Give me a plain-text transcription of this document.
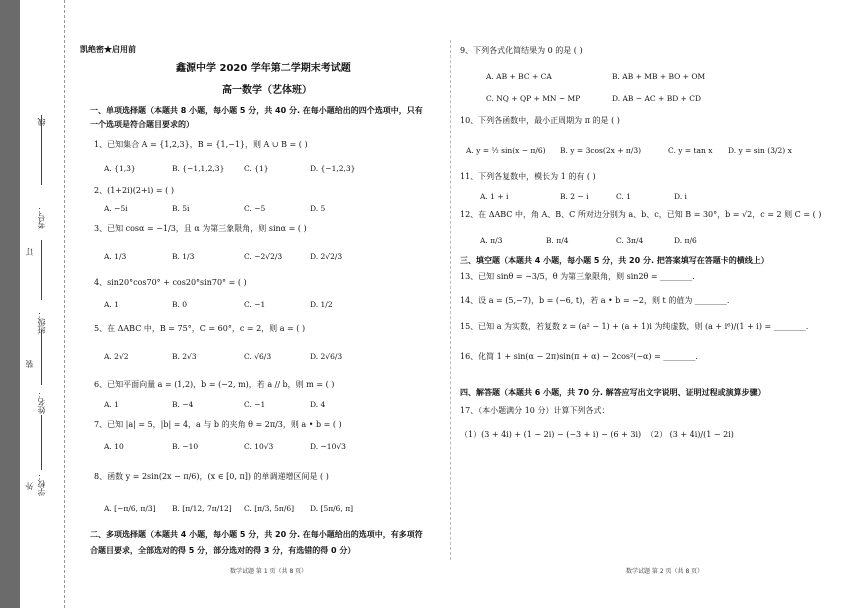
线
考号：
班级：
订
姓名：
装
学校：
外
凯绝密★启用前
鑫源中学 2020 学年第二学期末考试题
高一数学（艺体班）
一、单项选择题（本题共 8 小题，每小题 5 分，共 40 分. 在每小题给出的四个选项中，只有
一个选项是符合题目要求的）
1、已知集合 A = {1,2,3}，B = {1,−1}，则 A ∪ B = ( )
A. {1,3}	B. {−1,1,2,3}	C. {1}	D. {−1,2,3}
2、(1+2i)(2+i) = ( )
A. −5i	B. 5i	C. −5	D. 5
3、已知 cosα = −1/3，且 α 为第三象限角，则 sinα = ( )
A. 1/3	B. 1/3	C. −2√2/3	D. 2√2/3
4、sin20°cos70° + cos20°sin70° = ( )
A. 1	B. 0	C. −1	D. 1/2
5、在 ΔABC 中，B = 75°，C = 60°，c = 2，则 a = ( )
A. 2√2	B. 2√3	C. √6/3	D. 2√6/3
6、已知平面向量 a = (1,2)，b = (−2, m)，若 a // b，则 m = ( )
A. 1	B. −4	C. −1	D. 4
7、已知 |a| = 5，|b| = 4，a 与 b 的夹角 θ = 2π/3，则 a • b = ( )
A. 10	B. −10	C. 10√3	D. −10√3
8、函数 y = 2sin(2x − π/6)，(x ∈ [0, π]) 的单调递增区间是 ( )
A. [−π/6, π/3] B. [π/12, 7π/12] C. [π/3, 5π/6] D. [5π/6, π]
二、多项选择题（本题共 4 小题，每小题 5 分，共 20 分. 在每小题给出的选项中，有多项符
合题目要求，全部选对的得 5 分，部分选对的得 3 分，有选错的得 0 分）
数学试题 第 1 页（共 8 页）
9、下列各式化简结果为 0 的是 ( )
A. AB + BC + CA	B. AB + MB + BO + OM
C. NQ + QP + MN − MP	D. AB − AC + BD + CD
10、下列各函数中，最小正周期为 π 的是 ( )
A. y = ½ sin(x − π/6) B. y = 3cos(2x + π/3)	C. y = tan x D. y = sin (3/2) x
11、下列各复数中，模长为 1 的有 ( )
A. 1 + i	B. 2 − i	C. 1	D. i
12、在 ΔABC 中，角 A、B、C 所对边分别为 a、b、c，已知 B = 30°，b = √2，c = 2 则 C = ( )
A. π/3	B. π/4	C. 3π/4	D. π/6
三、填空题（本题共 4 小题，每小题 5 分，共 20 分. 把答案填写在答题卡的横线上）
13、已知 sinθ = −3/5，θ 为第三象限角，则 sin2θ = ________.
14、设 a = (5,−7)，b = (−6, t)，若 a • b = −2，则 t 的值为 ________.
15、已知 a 为实数，若复数 z = (a² − 1) + (a + 1)i 为纯虚数，则 (a + i⁶)/(1 + i) = ________.
16、化简 1 + sin(α − 2π)sin(π + α) − 2cos²(−α) = ________.
四、解答题（本题共 6 小题，共 70 分. 解答应写出文字说明、证明过程或演算步骤）
17、（本小题满分 10 分）计算下列各式：
（1）(3 + 4i) + (1 − 2i) − (−3 + i) − (6 + 3i) （2） (3 + 4i)/(1 − 2i)
数学试题 第 2 页（共 8 页）
